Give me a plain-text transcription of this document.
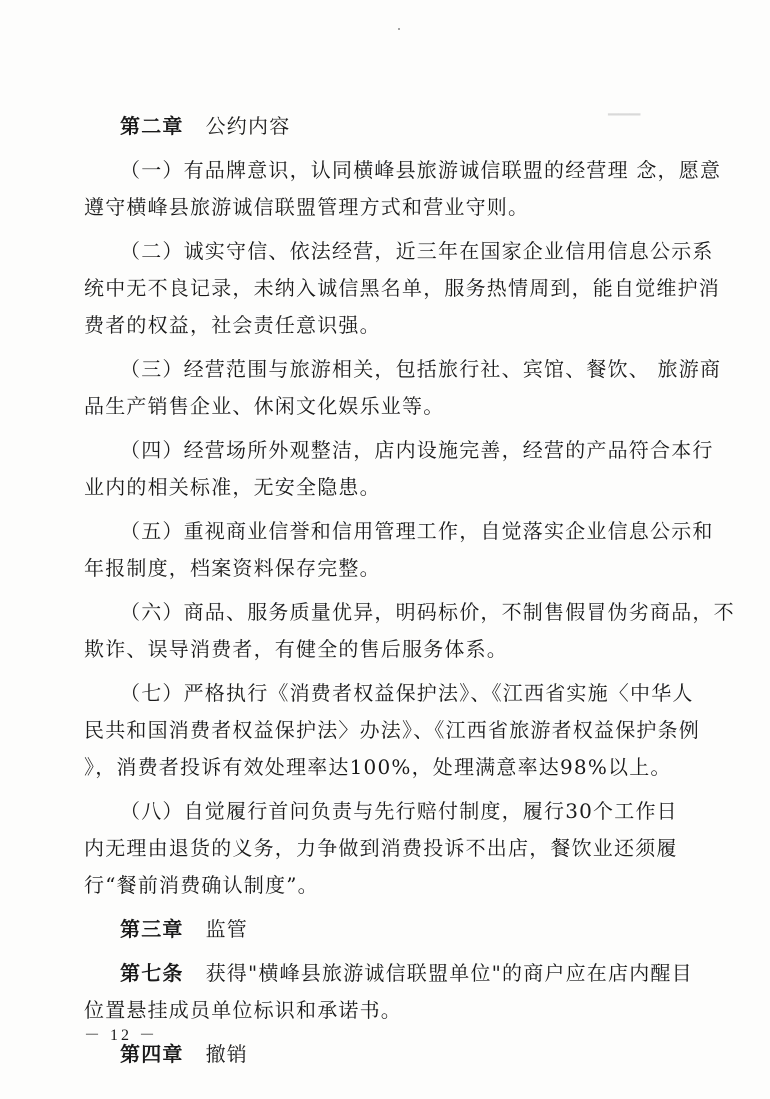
▁▁▁
第二章 公约内容
（一）有品牌意识，认同横峰县旅游诚信联盟的经营理 念，愿意
遵守横峰县旅游诚信联盟管理方式和营业守则。
（二）诚实守信、依法经营，近三年在国家企业信用信息公示系
统中无不良记录，未纳入诚信黑名单，服务热情周到，能自觉维护消
费者的权益，社会责任意识强。
（三）经营范围与旅游相关，包括旅行社、宾馆、餐饮、 旅游商
品生产销售企业、休闲文化娱乐业等。
（四）经营场所外观整洁，店内设施完善，经营的产品符合本行
业内的相关标准，无安全隐患。
（五）重视商业信誉和信用管理工作，自觉落实企业信息公示和
年报制度，档案资料保存完整。
（六）商品、服务质量优异，明码标价，不制售假冒伪劣商品，不
欺诈、误导消费者，有健全的售后服务体系。
（七）严格执行《消费者权益保护法》、《江西省实施〈中华人
民共和国消费者权益保护法〉办法》、《江西省旅游者权益保护条例
》，消费者投诉有效处理率达100%，处理满意率达98%以上。
（八）自觉履行首问负责与先行赔付制度，履行30个工作日
内无理由退货的义务，力争做到消费投诉不出店，餐饮业还须履
行“餐前消费确认制度”。
第三章 监管
第七条 获得"横峰县旅游诚信联盟单位"的商户应在店内醒目
位置悬挂成员单位标识和承诺书。
第四章 撤销
－ 12 －
